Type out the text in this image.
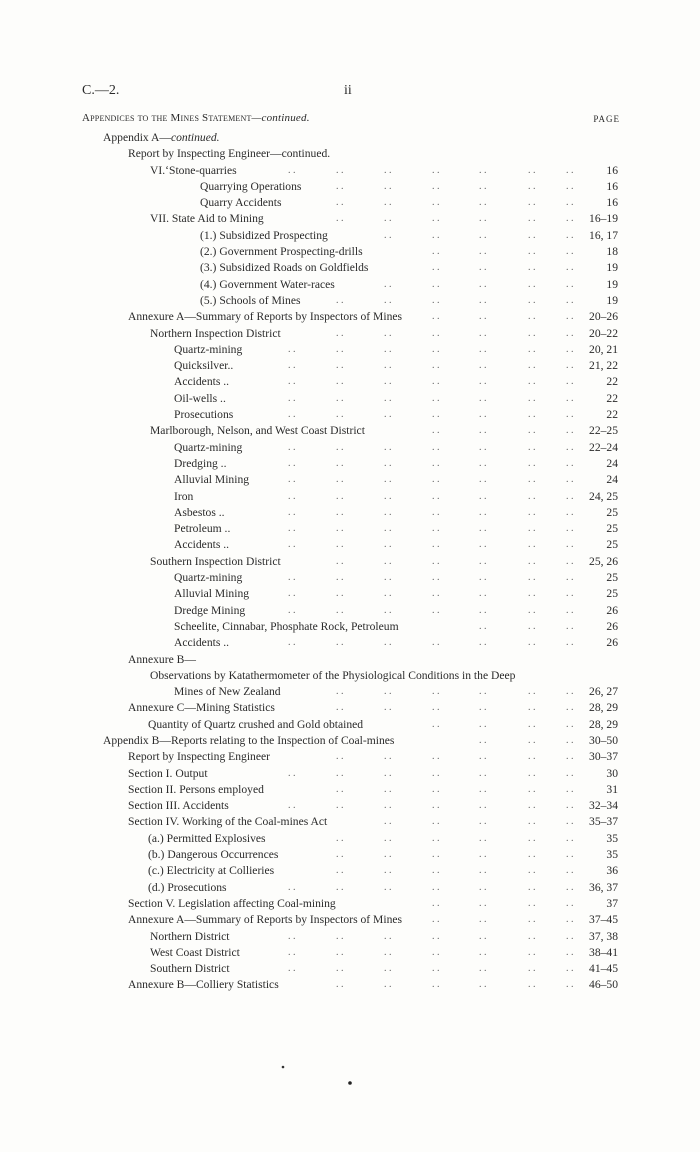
C.—2.	ii
Appendices to the Mines Statement—continued.	PAGE
Appendix A—continued.
Report by Inspecting Engineer—continued.
VI.ʻStone-quarries	. .	. .	. .	. .	. .	. .	. .	16
Quarrying Operations	. .	. .	. .	. .	. .	. .	16
Quarry Accidents	. .	. .	. .	. .	. .	. .	16
VII. State Aid to Mining	. .	. .	. .	. .	. .	. . 16–19
(1.) Subsidized Prospecting	. .	. .	. .	. .	. . 16, 17
(2.) Government Prospecting-drills	. .	. .	. .	. .	18
(3.) Subsidized Roads on Goldfields	. .	. .	. .	. .	19
(4.) Government Water-races	. .	. .	. .	. .	. .	19
(5.) Schools of Mines	. .	. .	. .	. .	. .	. .	19
Annexure A—Summary of Reports by Inspectors of Mines	. .	. .	. .	. . 20–26
Northern Inspection District	. .	. .	. .	. .	. .	. . 20–22
Quartz-mining	. .	. .	. .	. .	. .	. .	. . 20, 21
Quicksilver..	. .	. .	. .	. .	. .	. .	. . 21, 22
Accidents ..	. .	. .	. .	. .	. .	. .	. .	22
Oil-wells ..	. .	. .	. .	. .	. .	. .	. .	22
Prosecutions	. .	. .	. .	. .	. .	. .	. .	22
Marlborough, Nelson, and West Coast District	. .	. .	. .	. . 22–25
Quartz-mining	. .	. .	. .	. .	. .	. .	. . 22–24
Dredging ..	. .	. .	. .	. .	. .	. .	. .	24
Alluvial Mining	. .	. .	. .	. .	. .	. .	. .	24
Iron	. .	. .	. .	. .	. .	. .	. . 24, 25
Asbestos ..	. .	. .	. .	. .	. .	. .	. .	25
Petroleum ..	. .	. .	. .	. .	. .	. .	. .	25
Accidents ..	. .	. .	. .	. .	. .	. .	. .	25
Southern Inspection District	. .	. .	. .	. .	. .	. . 25, 26
Quartz-mining	. .	. .	. .	. .	. .	. .	. .	25
Alluvial Mining	. .	. .	. .	. .	. .	. .	. .	25
Dredge Mining	. .	. .	. .	. .	. .	. .	. .	26
Scheelite, Cinnabar, Phosphate Rock, Petroleum	. .	. .	. .	26
Accidents ..	. .	. .	. .	. .	. .	. .	. .	26
Annexure B—
Observations by Katathermometer of the Physiological Conditions in the Deep
Mines of New Zealand	. .	. .	. .	. .	. .	. . 26, 27
Annexure C—Mining Statistics	. .	. .	. .	. .	. .	. . 28, 29
Quantity of Quartz crushed and Gold obtained	. .	. .	. .	. . 28, 29
Appendix B—Reports relating to the Inspection of Coal-mines	. .	. .	. . 30–50
Report by Inspecting Engineer	. .	. .	. .	. .	. .	. . 30–37
Section I. Output	. .	. .	. .	. .	. .	. .	. .	30
Section II. Persons employed	. .	. .	. .	. .	. .	. .	31
Section III. Accidents	. .	. .	. .	. .	. .	. .	. . 32–34
Section IV. Working of the Coal-mines Act	. .	. .	. .	. .	. . 35–37
(a.) Permitted Explosives	. .	. .	. .	. .	. .	. .	35
(b.) Dangerous Occurrences	. .	. .	. .	. .	. .	. .	35
(c.) Electricity at Collieries	. .	. .	. .	. .	. .	. .	36
(d.) Prosecutions	. .	. .	. .	. .	. .	. .	. . 36, 37
Section V. Legislation affecting Coal-mining	. .	. .	. .	. .	37
Annexure A—Summary of Reports by Inspectors of Mines	. .	. .	. .	. . 37–45
Northern District	. .	. .	. .	. .	. .	. .	. . 37, 38
West Coast District	. .	. .	. .	. .	. .	. .	. . 38–41
Southern District	. .	. .	. .	. .	. .	. .	. . 41–45
Annexure B—Colliery Statistics	. .	. .	. .	. .	. .	. . 46–50
